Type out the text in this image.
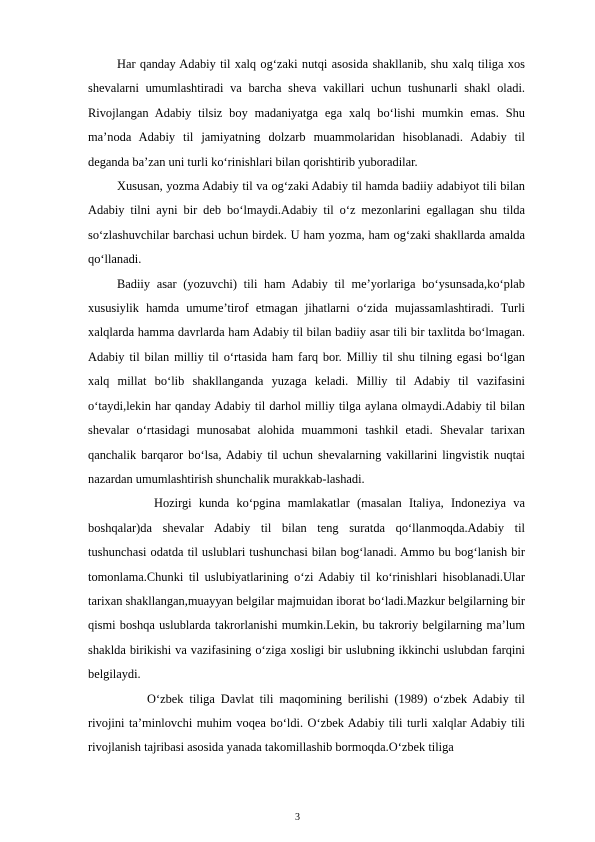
Har qanday Adabiy til xalq og‘zaki nutqi asosida shakllanib, shu xalq tiliga xos shevalarni umumlashtiradi va barcha sheva vakillari uchun tushunarli shakl oladi. Rivojlangan Adabiy tilsiz boy madaniyatga ega xalq bo‘lishi mumkin emas. Shu ma’noda Adabiy til jamiyatning dolzarb muammolaridan hisoblanadi. Adabiy til deganda ba’zan uni turli ko‘rinishlari bilan qorishtirib yuboradilar.

Xususan, yozma Adabiy til va og‘zaki Adabiy til hamda badiiy adabiyot tili bilan Adabiy tilni ayni bir deb bo‘lmaydi.Adabiy til o‘z mezonlarini egallagan shu tilda so‘zlashuvchilar barchasi uchun birdek. U ham yozma, ham og‘zaki shakllarda amalda qo‘llanadi.

Badiiy asar (yozuvchi) tili ham Adabiy til me’yorlariga bo‘ysunsada,ko‘plab xususiylik hamda umume’tirof etmagan jihatlarni o‘zida mujassamlashtiradi. Turli xalqlarda hamma davrlarda ham Adabiy til bilan badiiy asar tili bir taxlitda bo‘lmagan. Adabiy til bilan milliy til o‘rtasida ham farq bor. Milliy til shu tilning egasi bo‘lgan xalq millat bo‘lib shakllanganda yuzaga keladi. Milliy til Adabiy til vazifasini o‘taydi,lekin har qanday Adabiy til darhol milliy tilga aylana olmaydi.Adabiy til bilan shevalar o‘rtasidagi munosabat alohida muammoni tashkil etadi. Shevalar tarixan qanchalik barqaror bo‘lsa, Adabiy til uchun shevalarning vakillarini lingvistik nuqtai nazardan umumlashtirish shunchalik murakkab-lashadi.

Hozirgi kunda ko‘pgina mamlakatlar (masalan Italiya, Indoneziya va boshqalar)da shevalar Adabiy til bilan teng suratda qo‘llanmoqda.Adabiy til tushunchasi odatda til uslublari tushunchasi bilan bog‘lanadi. Ammo bu bog‘lanish bir tomonlama.Chunki til uslubiyatlarining o‘zi Adabiy til ko‘rinishlari hisoblanadi.Ular tarixan shakllangan,muayyan belgilar majmuidan iborat bo‘ladi.Mazkur belgilarning bir qismi boshqa uslublarda takrorlanishi mumkin.Lekin, bu takroriy belgilarning ma’lum shaklda birikishi va vazifasining o‘ziga xosligi bir uslubning ikkinchi uslubdan farqini belgilaydi.

O‘zbek tiliga Davlat tili maqomining berilishi (1989) o‘zbek Adabiy til rivojini ta’minlovchi muhim voqea bo‘ldi. O‘zbek Adabiy tili turli xalqlar Adabiy tili rivojlanish tajribasi asosida yanada takomillashib bormoqda.O‘zbek tiliga

3
